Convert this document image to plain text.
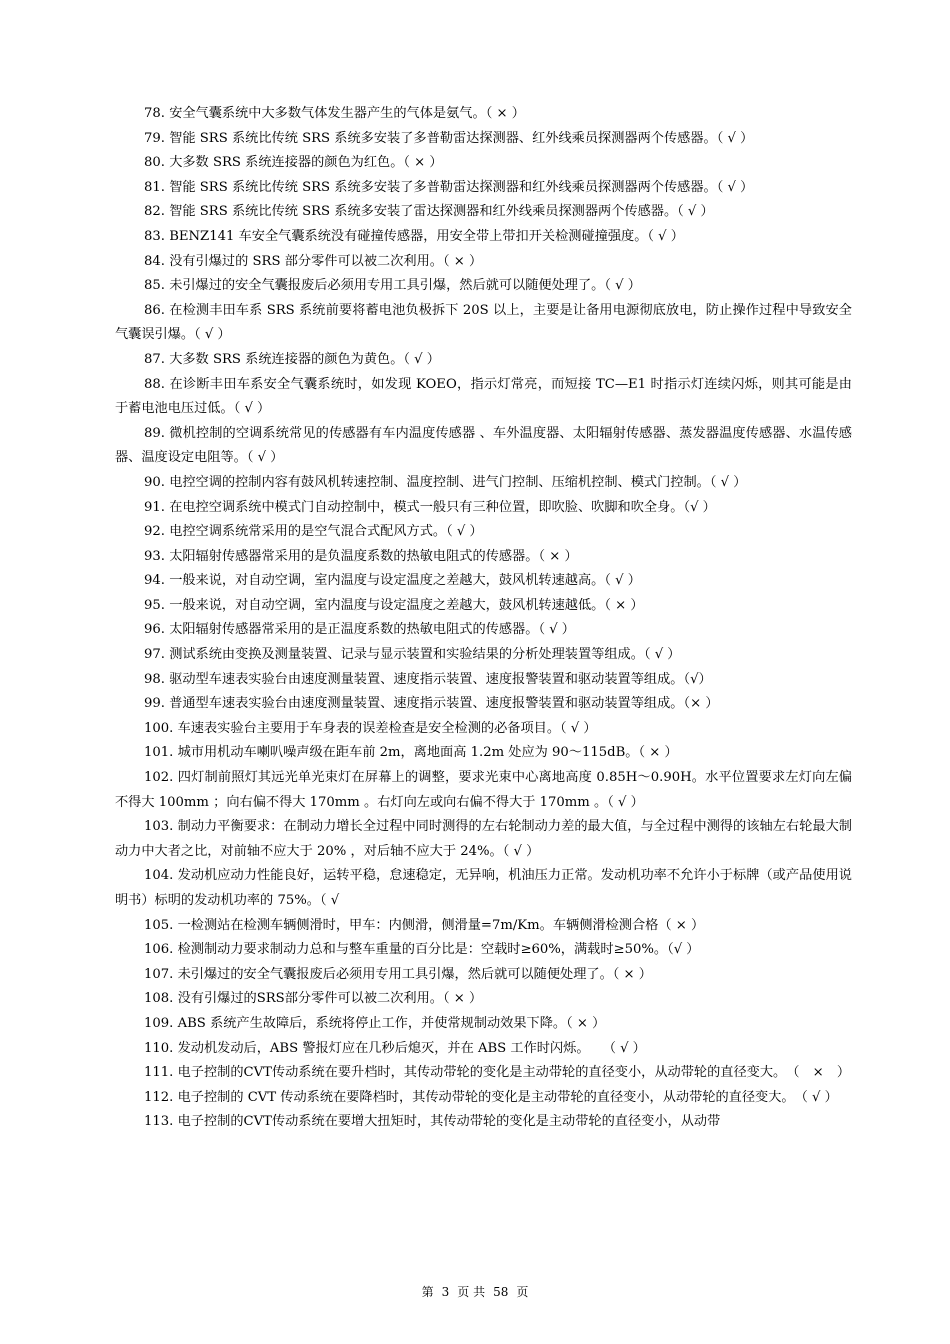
78. 安全气囊系统中大多数气体发生器产生的气体是氨气。（ × ）

79. 智能 SRS 系统比传统 SRS 系统多安装了多普勒雷达探测器、红外线乘员探测器两个传感器。（ √ ）

80. 大多数 SRS 系统连接器的颜色为红色。（ × ）

81. 智能 SRS 系统比传统 SRS 系统多安装了多普勒雷达探测器和红外线乘员探测器两个传感器。（ √ ）

82. 智能 SRS 系统比传统 SRS 系统多安装了雷达探测器和红外线乘员探测器两个传感器。（ √ ）

83. BENZ141 车安全气囊系统没有碰撞传感器，用安全带上带扣开关检测碰撞强度。（ √ ）

84. 没有引爆过的 SRS 部分零件可以被二次利用。（ × ）

85. 未引爆过的安全气囊报废后必须用专用工具引爆，然后就可以随便处理了。（ √ ）

86. 在检测丰田车系 SRS 系统前要将蓄电池负极拆下 20S 以上，主要是让备用电源彻底放电，防止操作过程中导致安全气囊误引爆。（ √ ）

87. 大多数 SRS 系统连接器的颜色为黄色。（ √ ）

88. 在诊断丰田车系安全气囊系统时，如发现 KOEO，指示灯常亮，而短接 TC—E1 时指示灯连续闪烁，则其可能是由于蓄电池电压过低。（ √ ）

89. 微机控制的空调系统常见的传感器有车内温度传感器 、车外温度器、太阳辐射传感器、蒸发器温度传感器、水温传感器、温度设定电阻等。（ √ ）

90. 电控空调的控制内容有鼓风机转速控制、温度控制、进气门控制、压缩机控制、模式门控制。（ √ ）

91. 在电控空调系统中模式门自动控制中，模式一般只有三种位置，即吹脸、吹脚和吹全身。（√ ）

92. 电控空调系统常采用的是空气混合式配风方式。（ √ ）

93. 太阳辐射传感器常采用的是负温度系数的热敏电阻式的传感器。（ × ）

94. 一般来说，对自动空调，室内温度与设定温度之差越大，鼓风机转速越高。（ √ ）

95. 一般来说，对自动空调，室内温度与设定温度之差越大，鼓风机转速越低。（ × ）

96. 太阳辐射传感器常采用的是正温度系数的热敏电阻式的传感器。（ √ ）

97. 测试系统由变换及测量装置、记录与显示装置和实验结果的分析处理装置等组成。（ √ ）

98. 驱动型车速表实验台由速度测量装置、速度指示装置、速度报警装置和驱动装置等组成。（√）

99. 普通型车速表实验台由速度测量装置、速度指示装置、速度报警装置和驱动装置等组成。（× ）

100. 车速表实验台主要用于车身表的误差检查是安全检测的必备项目。（ √ ）

101. 城市用机动车喇叭噪声级在距车前 2m，离地面高 1.2m 处应为 90～115dB。（ × ）

102. 四灯制前照灯其远光单光束灯在屏幕上的调整，要求光束中心离地高度 0.85H～0.90H。水平位置要求左灯向左偏不得大 100mm ；向右偏不得大 170mm 。右灯向左或向右偏不得大于 170mm 。（ √ ）

103. 制动力平衡要求：在制动力增长全过程中同时测得的左右轮制动力差的最大值，与全过程中测得的该轴左右轮最大制动力中大者之比，对前轴不应大于 20% ，对后轴不应大于 24%。（ √ ）

104. 发动机应动力性能良好，运转平稳，怠速稳定，无异响，机油压力正常。发动机功率不允许小于标牌（或产品使用说明书）标明的发动机功率的 75%。（ √

105. 一检测站在检测车辆侧滑时，甲车：内侧滑，侧滑量=7m/Km。车辆侧滑检测合格（ × ）

106. 检测制动力要求制动力总和与整车重量的百分比是：空载时≥60%，满载时≥50%。（√ ）

107. 未引爆过的安全气囊报废后必须用专用工具引爆，然后就可以随便处理了。（ × ）

108. 没有引爆过的SRS部分零件可以被二次利用。（ × ）

109. ABS 系统产生故障后，系统将停止工作，并使常规制动效果下降。（ × ）

110. 发动机发动后，ABS 警报灯应在几秒后熄灭，并在 ABS 工作时闪烁。　　（ √ ）

111. 电子控制的CVT传动系统在要升档时，其传动带轮的变化是主动带轮的直径变小，从动带轮的直径变大。　（　×　）

112. 电子控制的 CVT 传动系统在要降档时，其传动带轮的变化是主动带轮的直径变小，从动带轮的直径变大。　（ √ ）

113. 电子控制的CVT传动系统在要增大扭矩时，其传动带轮的变化是主动带轮的直径变小，从动带

第 3 页 共 58 页
